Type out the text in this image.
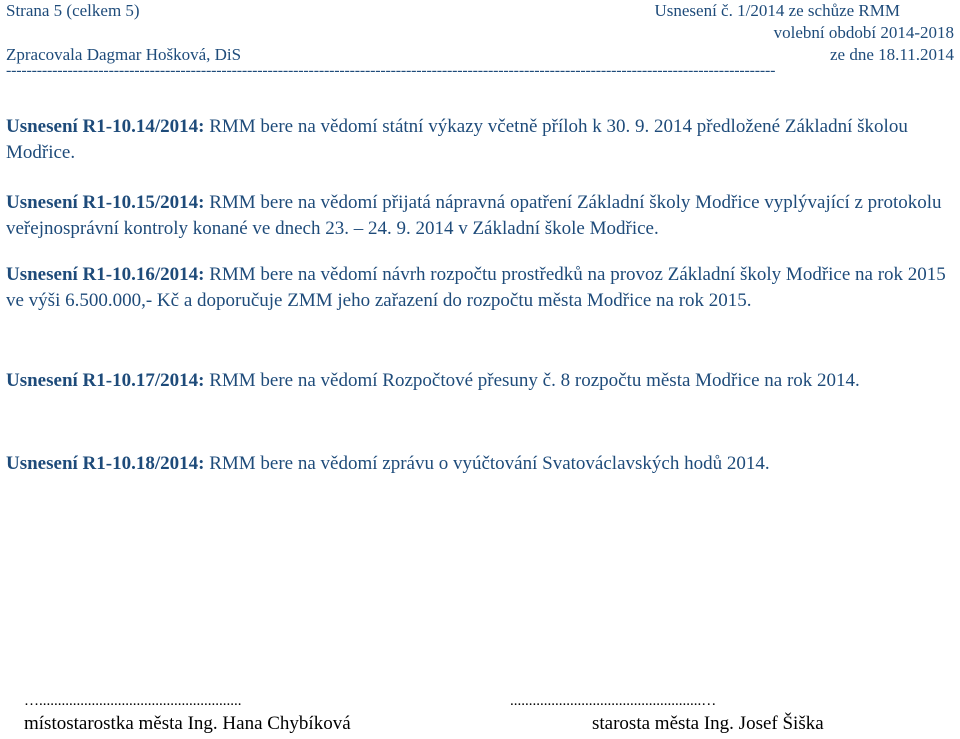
Strana 5 (celkem 5)	Usnesení č. 1/2014 ze schůze RMM
volební období 2014-2018
Zpracovala Dagmar Hošková, DiS	ze dne 18.11.2014
------------------------------------------------------------------------------------------------------------------------------------------------------
Usnesení R1-10.14/2014: RMM bere na vědomí státní výkazy včetně příloh k 30. 9. 2014 předložené Základní školou Modřice.
Usnesení R1-10.15/2014: RMM bere na vědomí přijatá nápravná opatření Základní školy Modřice vyplývající z protokolu veřejnosprávní kontroly konané ve dnech 23. – 24. 9. 2014 v Základní škole Modřice.
Usnesení R1-10.16/2014: RMM bere na vědomí návrh rozpočtu prostředků na provoz Základní školy Modřice na rok 2015 ve výši 6.500.000,- Kč a doporučuje ZMM jeho zařazení do rozpočtu města Modřice na rok 2015.
Usnesení R1-10.17/2014: RMM bere na vědomí Rozpočtové přesuny č. 8 rozpočtu města Modřice na rok 2014.
Usnesení R1-10.18/2014: RMM bere na vědomí zprávu o vyúčtování Svatováclavských hodů 2014.
…......................................................
místostarostka města Ing. Hana Chybíková
...................................................…
starosta města Ing. Josef Šiška
